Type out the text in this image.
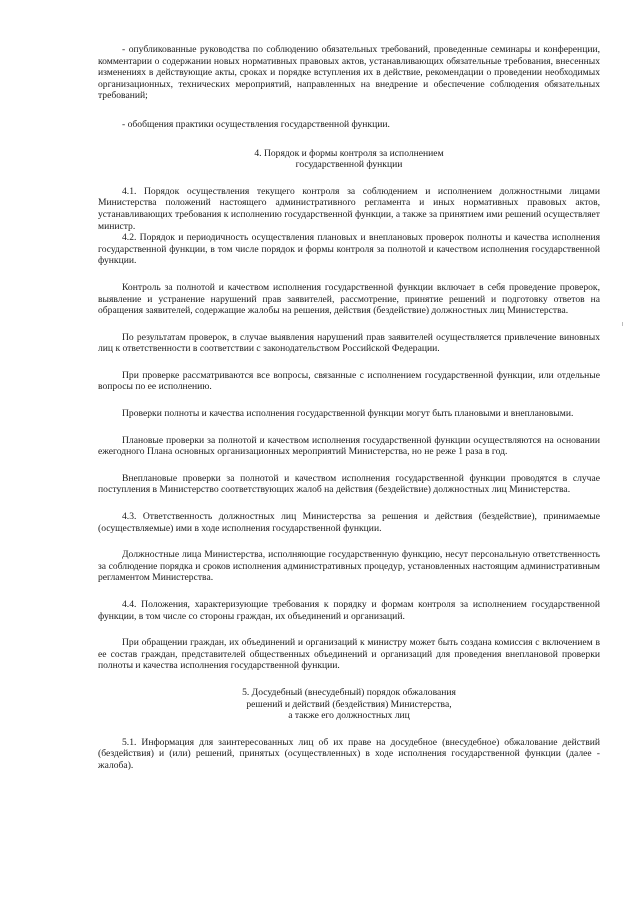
- опубликованные руководства по соблюдению обязательных требований, проведенные семинары и конференции, комментарии о содержании новых нормативных правовых актов, устанавливающих обязательные требования, внесенных изменениях в действующие акты, сроках и порядке вступления их в действие, рекомендации о проведении необходимых организационных, технических мероприятий, направленных на внедрение и обеспечение соблюдения обязательных требований;

- обобщения практики осуществления государственной функции.

4. Порядок и формы контроля за исполнением

государственной функции

4.1. Порядок осуществления текущего контроля за соблюдением и исполнением должностными лицами Министерства положений настоящего административного регламента и иных нормативных правовых актов, устанавливающих требования к исполнению государственной функции, а также за принятием ими решений осуществляет министр.

4.2. Порядок и периодичность осуществления плановых и внеплановых проверок полноты и качества исполнения государственной функции, в том числе порядок и формы контроля за полнотой и качеством исполнения государственной функции.

Контроль за полнотой и качеством исполнения государственной функции включает в себя проведение проверок, выявление и устранение нарушений прав заявителей, рассмотрение, принятие решений и подготовку ответов на обращения заявителей, содержащие жалобы на решения, действия (бездействие) должностных лиц Министерства.

По результатам проверок, в случае выявления нарушений прав заявителей осуществляется привлечение виновных лиц к ответственности в соответствии с законодательством Российской Федерации.

При проверке рассматриваются все вопросы, связанные с исполнением государственной функции, или отдельные вопросы по ее исполнению.

Проверки полноты и качества исполнения государственной функции могут быть плановыми и внеплановыми.

Плановые проверки за полнотой и качеством исполнения государственной функции осуществляются на основании ежегодного Плана основных организационных мероприятий Министерства, но не реже 1 раза в год.

Внеплановые проверки за полнотой и качеством исполнения государственной функции проводятся в случае поступления в Министерство соответствующих жалоб на действия (бездействие) должностных лиц Министерства.

4.3. Ответственность должностных лиц Министерства за решения и действия (бездействие), принимаемые (осуществляемые) ими в ходе исполнения государственной функции.

Должностные лица Министерства, исполняющие государственную функцию, несут персональную ответственность за соблюдение порядка и сроков исполнения административных процедур, установленных настоящим административным регламентом Министерства.

4.4. Положения, характеризующие требования к порядку и формам контроля за исполнением государственной функции, в том числе со стороны граждан, их объединений и организаций.

При обращении граждан, их объединений и организаций к министру может быть создана комиссия с включением в ее состав граждан, представителей общественных объединений и организаций для проведения внеплановой проверки полноты и качества исполнения государственной функции.

5. Досудебный (внесудебный) порядок обжалования

решений и действий (бездействия) Министерства,

а также его должностных лиц

5.1. Информация для заинтересованных лиц об их праве на досудебное (внесудебное) обжалование действий (бездействия) и (или) решений, принятых (осуществленных) в ходе исполнения государственной функции (далее - жалоба).
